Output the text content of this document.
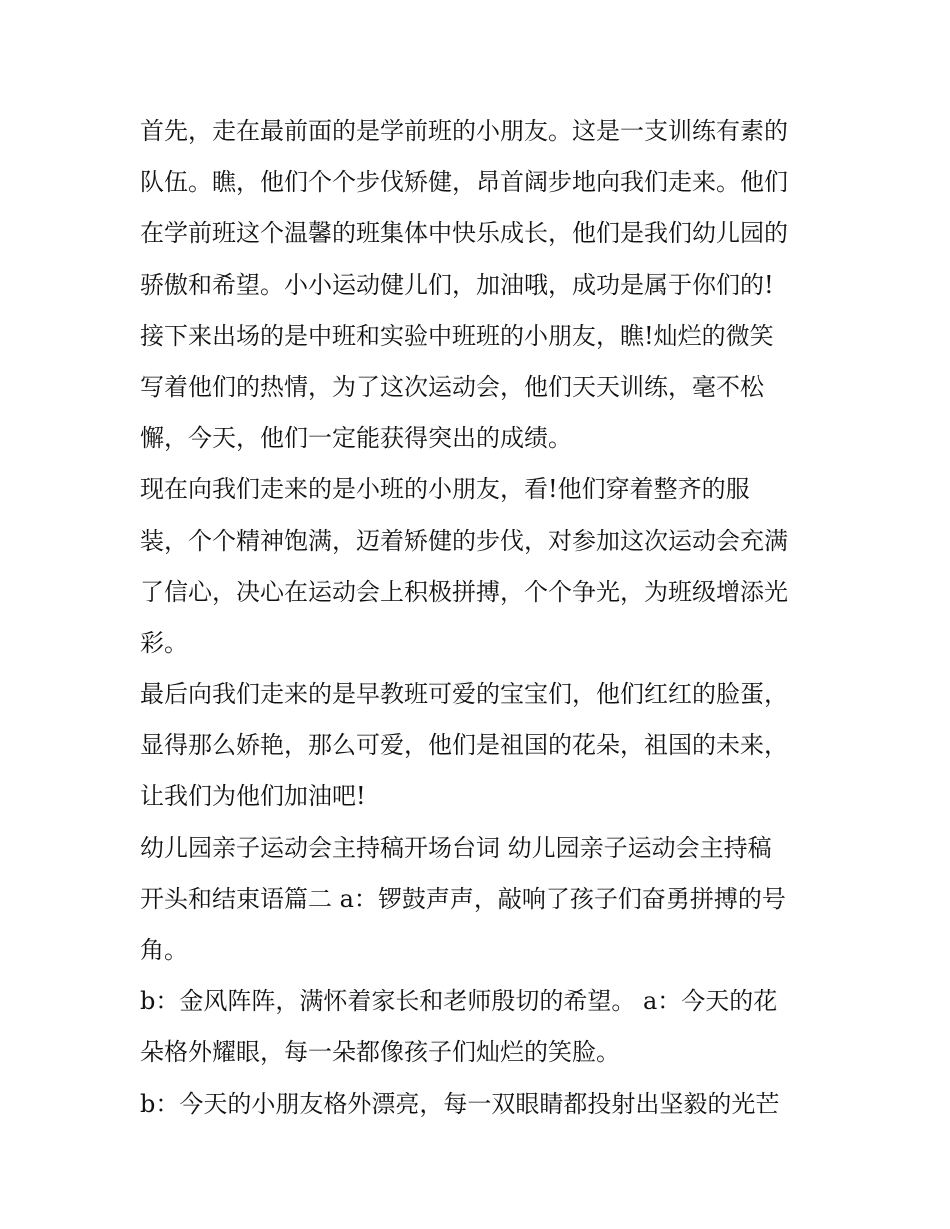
首先，走在最前面的是学前班的小朋友。这是一支训练有素的
队伍。瞧，他们个个步伐矫健，昂首阔步地向我们走来。他们
在学前班这个温馨的班集体中快乐成长，他们是我们幼儿园的
骄傲和希望。小小运动健儿们，加油哦，成功是属于你们的!
接下来出场的是中班和实验中班班的小朋友，瞧!灿烂的微笑
写着他们的热情，为了这次运动会，他们天天训练，毫不松
懈，今天，他们一定能获得突出的成绩。
现在向我们走来的是小班的小朋友，看!他们穿着整齐的服
装，个个精神饱满，迈着矫健的步伐，对参加这次运动会充满
了信心，决心在运动会上积极拼搏，个个争光，为班级增添光
彩。
最后向我们走来的是早教班可爱的宝宝们，他们红红的脸蛋，
显得那么娇艳，那么可爱，他们是祖国的花朵，祖国的未来，
让我们为他们加油吧!
幼儿园亲子运动会主持稿开场台词 幼儿园亲子运动会主持稿
开头和结束语篇二 a：锣鼓声声，敲响了孩子们奋勇拼搏的号
角。
b：金风阵阵，满怀着家长和老师殷切的希望。 a：今天的花
朵格外耀眼，每一朵都像孩子们灿烂的笑脸。
b：今天的小朋友格外漂亮，每一双眼睛都投射出坚毅的光芒
